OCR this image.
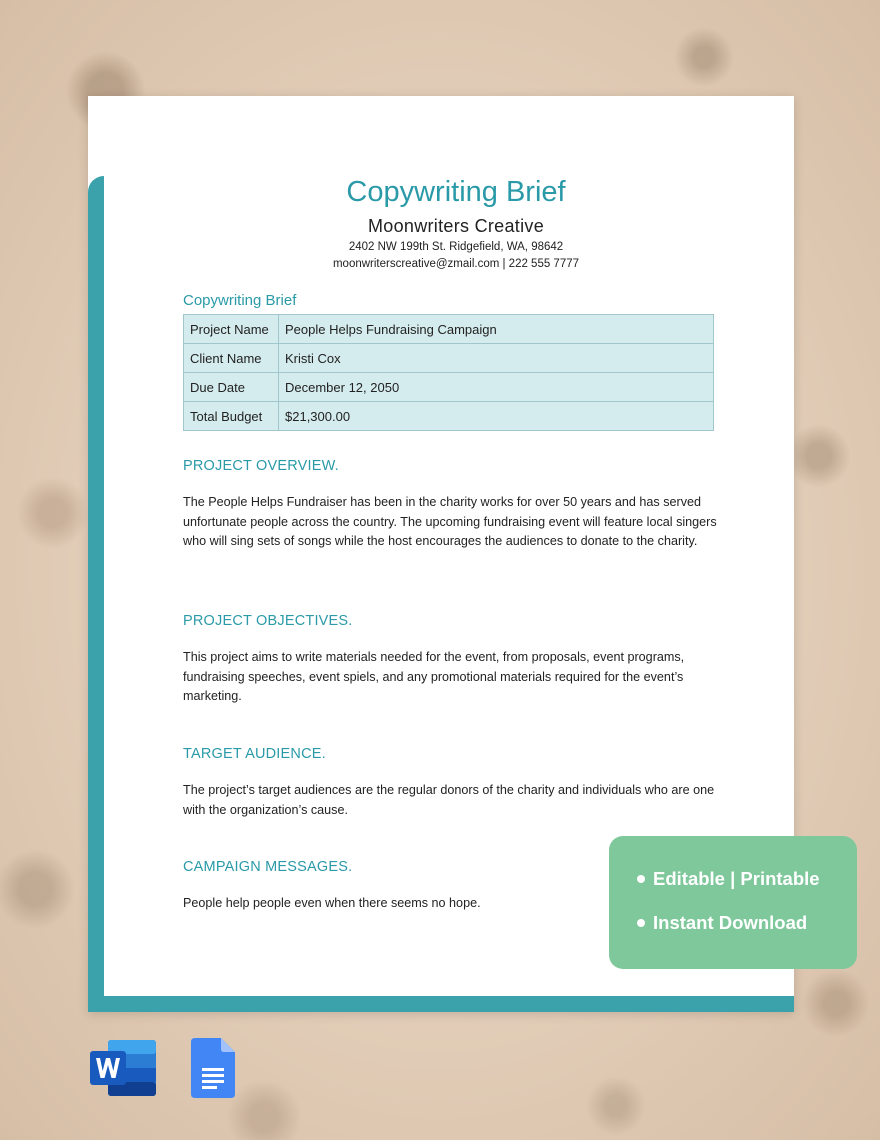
Copywriting Brief
Moonwriters Creative
2402 NW 199th St. Ridgefield, WA, 98642
moonwriterscreative@zmail.com | 222 555 7777
Copywriting Brief
Project Name	People Helps Fundraising Campaign
Client Name	Kristi Cox
Due Date	December 12, 2050
Total Budget	$21,300.00
PROJECT OVERVIEW.
The People Helps Fundraiser has been in the charity works for over 50 years and has served unfortunate people across the country. The upcoming fundraising event will feature local singers who will sing sets of songs while the host encourages the audiences to donate to the charity.
PROJECT OBJECTIVES.
This project aims to write materials needed for the event, from proposals, event programs, fundraising speeches, event spiels, and any promotional materials required for the event’s marketing.
TARGET AUDIENCE.
The project’s target audiences are the regular donors of the charity and individuals who are one with the organization’s cause.
CAMPAIGN MESSAGES.
People help people even when there seems no hope.
Editable | Printable
Instant Download
